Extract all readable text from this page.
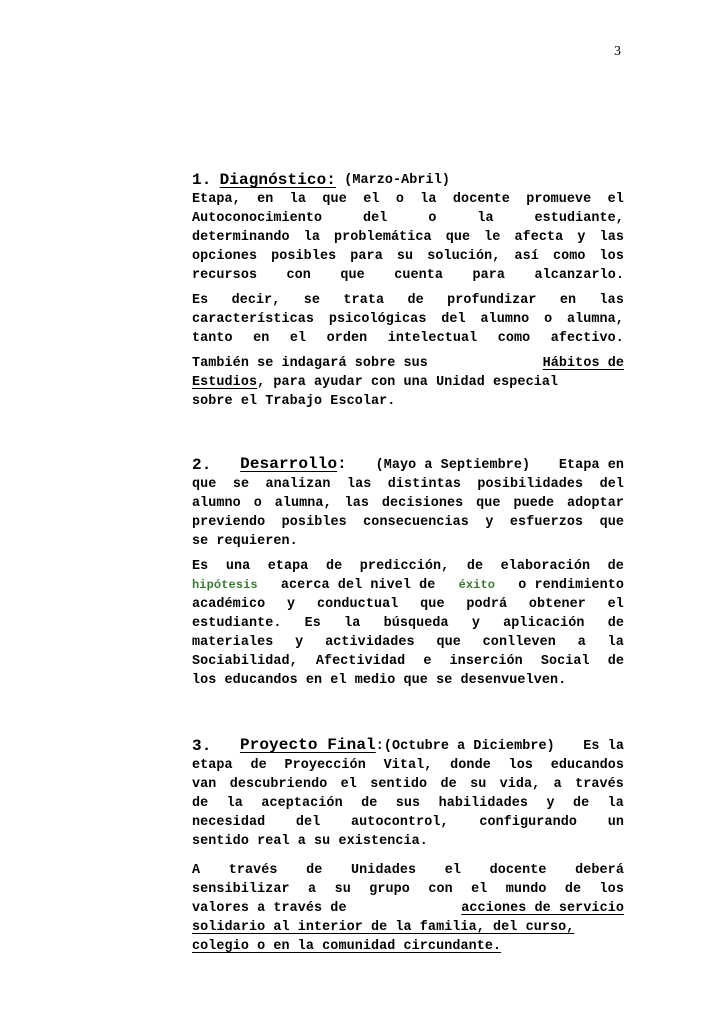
3
1. Diagnóstico: (Marzo-Abril)
Etapa, en la que el o la docente promueve el
Autoconocimiento	del	o	la	estudiante,
determinando la problemática que le afecta y las
opciones posibles para su solución, así como los
recursos con que cuenta para alcanzarlo.
Es decir, se trata de profundizar en las
características psicológicas del alumno o alumna,
tanto en el orden intelectual como afectivo.
También se indagará sobre sus	Hábitos de
Estudios , para ayudar con una Unidad especial
sobre el Trabajo Escolar.
2. Desarrollo: (Mayo a Septiembre) Etapa en
que se analizan las distintas posibilidades del
alumno o alumna, las decisiones que puede adoptar
previendo posibles consecuencias y esfuerzos que
se requieren.
Es una etapa de predicción, de elaboración de
hipótesis acerca del nivel de éxito o rendimiento
académico y conductual que podrá obtener el
estudiante. Es la búsqueda y aplicación de
materiales y actividades que conlleven a la
Sociabilidad, Afectividad e inserción Social de
los educandos en el medio que se desenvuelven.
3. Proyecto Final:(Octubre a Diciembre) Es la
etapa de Proyección Vital, donde los educandos
van descubriendo el sentido de su vida, a través
de la aceptación de sus habilidades y de la
necesidad del autocontrol, configurando un
sentido real a su existencia.
A través de Unidades el docente deberá
sensibilizar a su grupo con el mundo de los
valores a través de	acciones de servicio
solidario al interior de la familia, del curso,
colegio o en la comunidad circundante.
